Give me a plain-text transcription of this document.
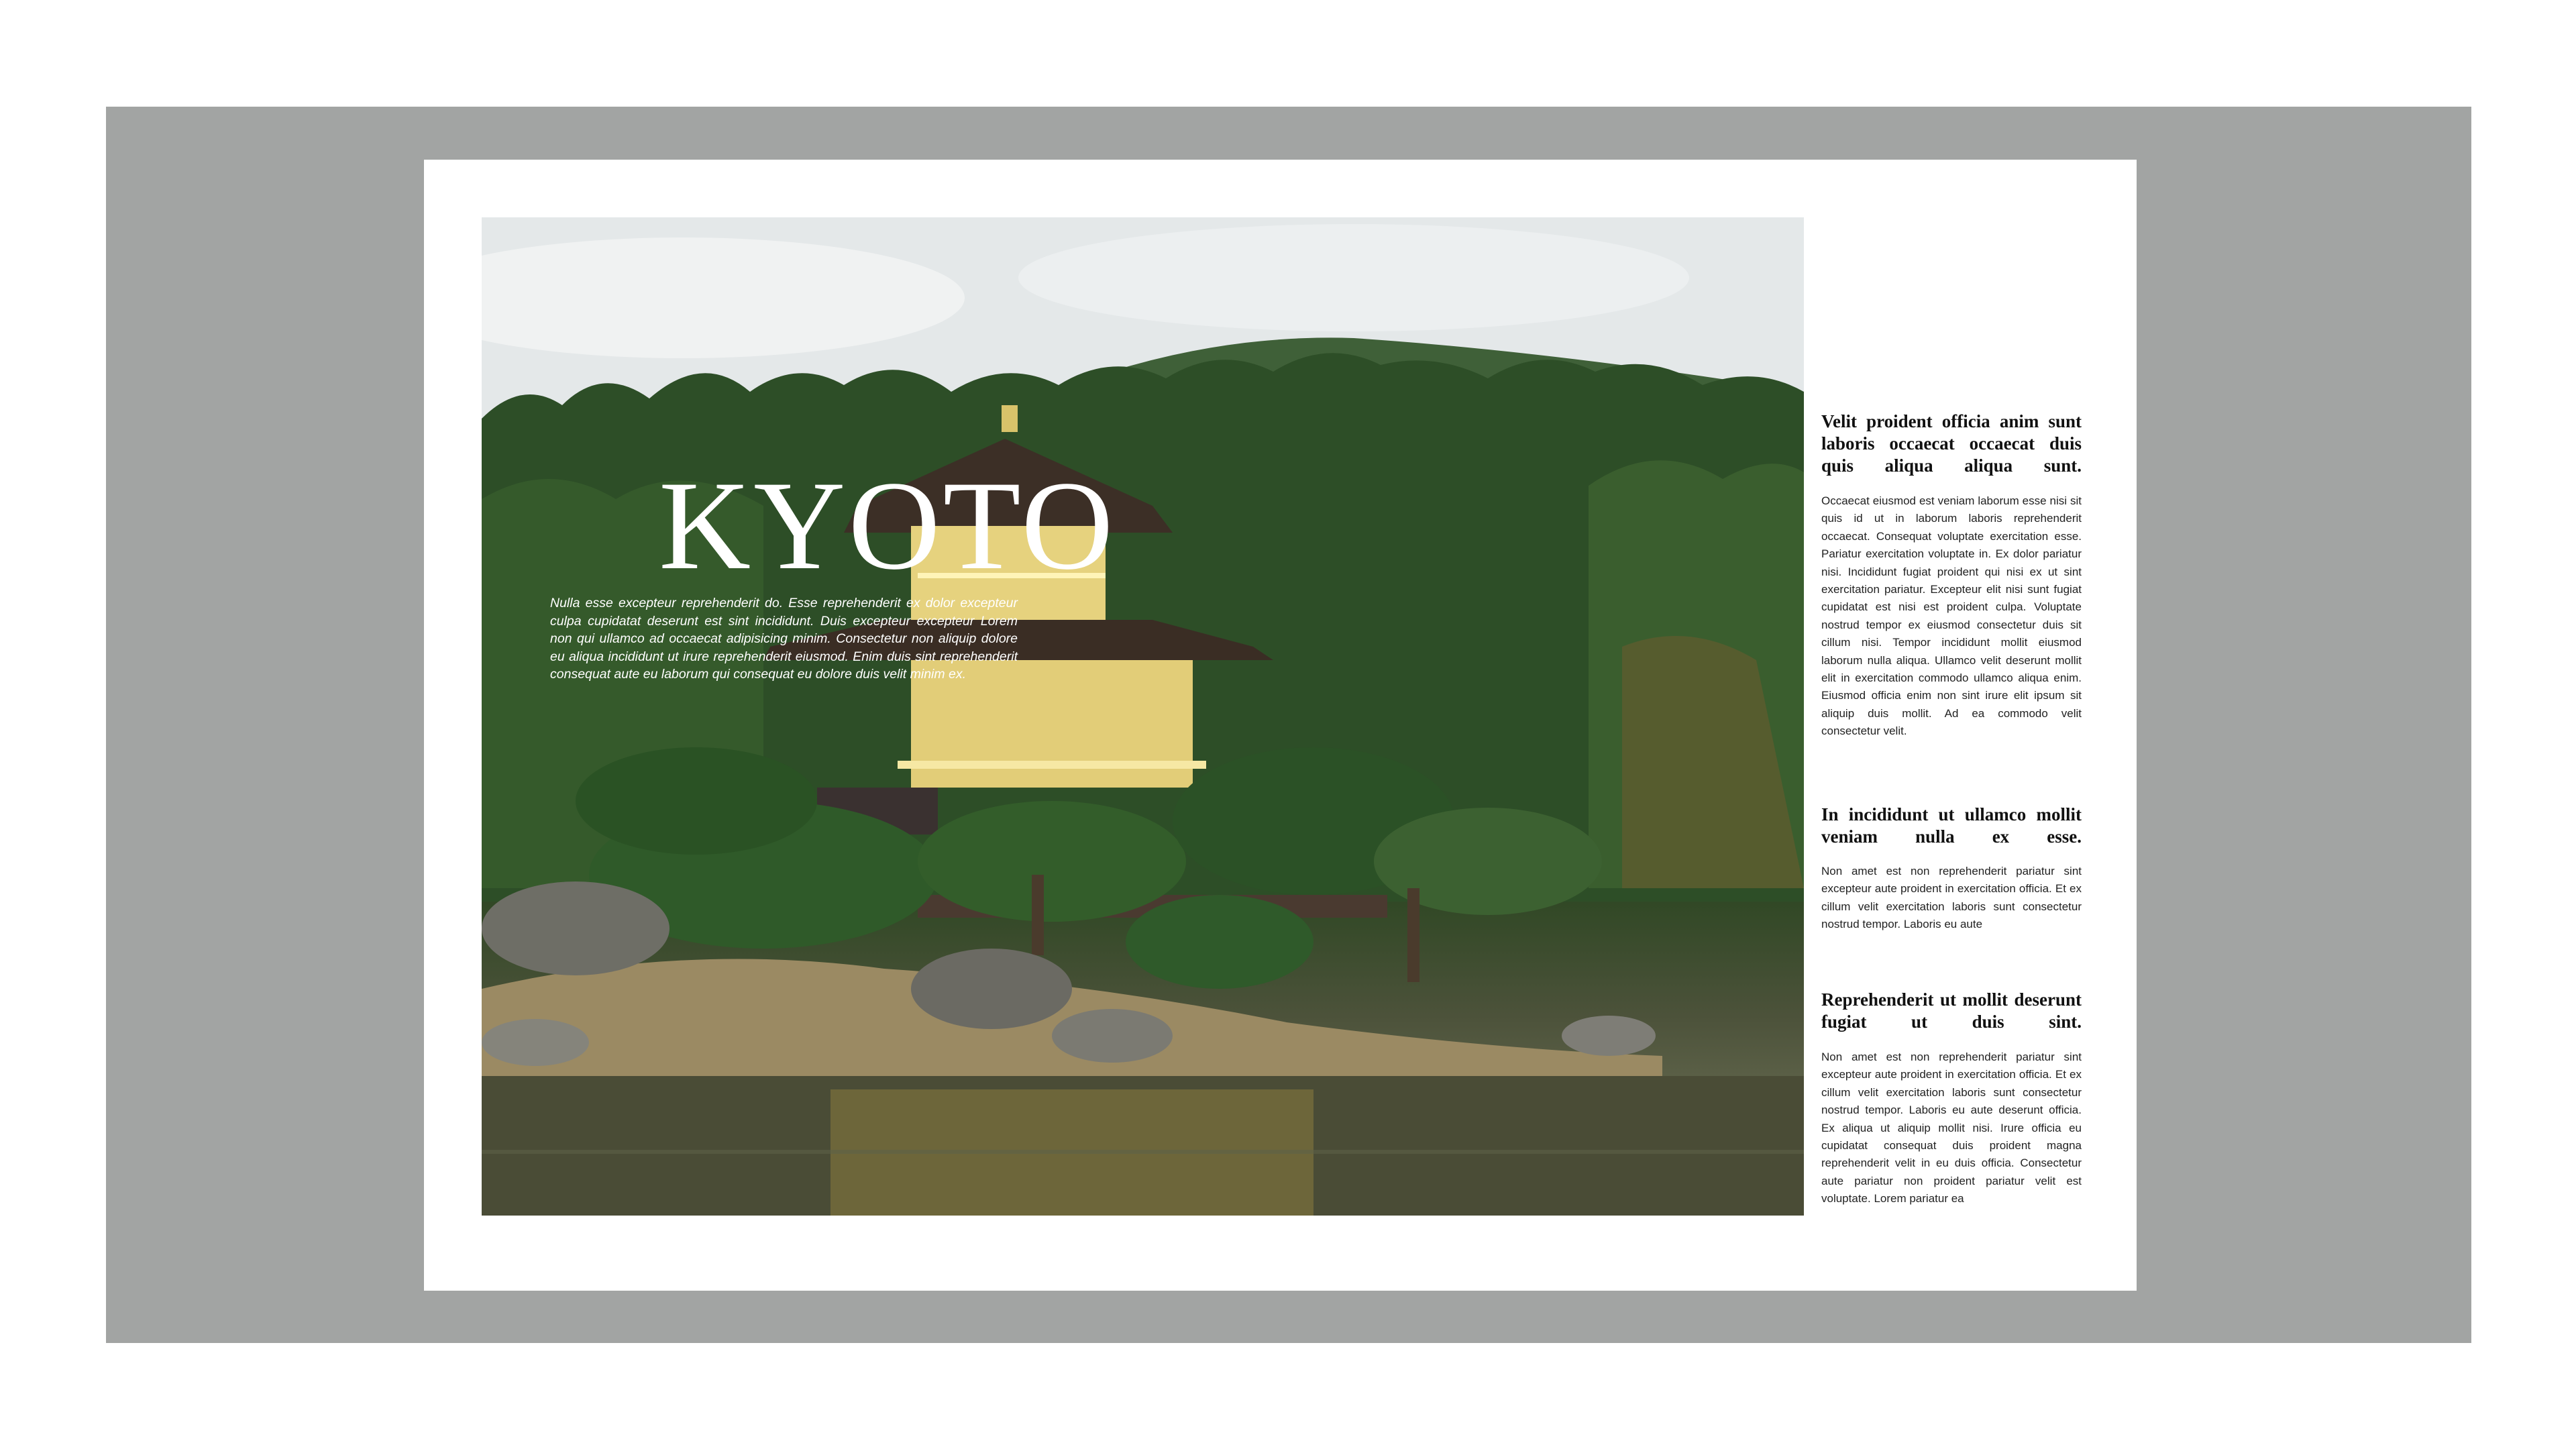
KYOTO
Nulla esse excepteur reprehenderit do. Esse reprehenderit ex dolor excepteur culpa cupidatat deserunt est sint incididunt. Duis excepteur excepteur Lorem non qui ullamco ad occaecat adipisicing minim. Consectetur non aliquip dolore eu aliqua incididunt ut irure reprehenderit eiusmod. Enim duis sint reprehenderit consequat aute eu laborum qui consequat eu dolore duis velit minim ex.
Velit proident officia anim sunt laboris occaecat occaecat duis quis aliqua aliqua sunt.
Occaecat eiusmod est veniam laborum esse nisi sit quis id ut in laborum laboris reprehenderit occaecat. Consequat voluptate exercitation esse. Pariatur exercitation voluptate in. Ex dolor pariatur nisi. Incididunt fugiat proident qui nisi ex ut sint exercitation pariatur. Excepteur elit nisi sunt fugiat cupidatat est nisi est proident culpa. Voluptate nostrud tempor ex eiusmod consectetur duis sit cillum nisi. Tempor incididunt mollit eiusmod laborum nulla aliqua. Ullamco velit deserunt mollit elit in exercitation commodo ullamco aliqua enim. Eiusmod officia enim non sint irure elit ipsum sit aliquip duis mollit. Ad ea commodo velit consectetur velit.
In incididunt ut ullamco mollit veniam nulla ex esse.
Non amet est non reprehenderit pariatur sint excepteur aute proident in exercitation officia. Et ex cillum velit exercitation laboris sunt consectetur nostrud tempor. Laboris eu aute
Reprehenderit ut mollit deserunt fugiat ut duis sint.
Non amet est non reprehenderit pariatur sint excepteur aute proident in exercitation officia. Et ex cillum velit exercitation laboris sunt consectetur nostrud tempor. Laboris eu aute deserunt officia. Ex aliqua ut aliquip mollit nisi. Irure officia eu cupidatat consequat duis proident magna reprehenderit velit in eu duis officia. Consectetur aute pariatur non proident pariatur velit est voluptate. Lorem pariatur ea
